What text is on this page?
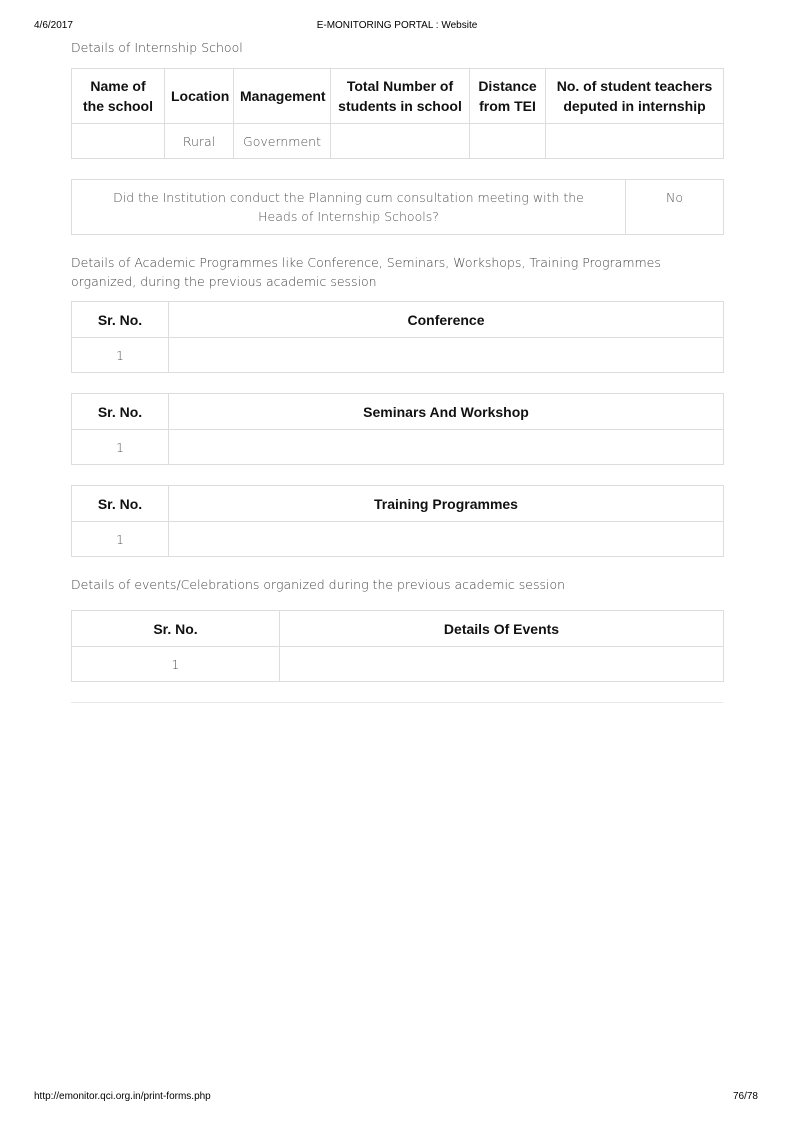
4/6/2017	E-MONITORING PORTAL : Website
Details of Internship School
Name of the school	Location	Management	Total Number of students in school	Distance from TEI	No. of student teachers deputed in internship
	Rural	Government			
Did the Institution conduct the Planning cum consultation meeting with the Heads of Internship Schools?	No
Details of Academic Programmes like Conference, Seminars, Workshops, Training Programmes organized, during the previous academic session
Sr. No.	Conference
1	
Sr. No.	Seminars And Workshop
1	
Sr. No.	Training Programmes
1	
Details of events/Celebrations organized during the previous academic session
Sr. No.	Details Of Events
1	
http://emonitor.qci.org.in/print-forms.php	76/78
